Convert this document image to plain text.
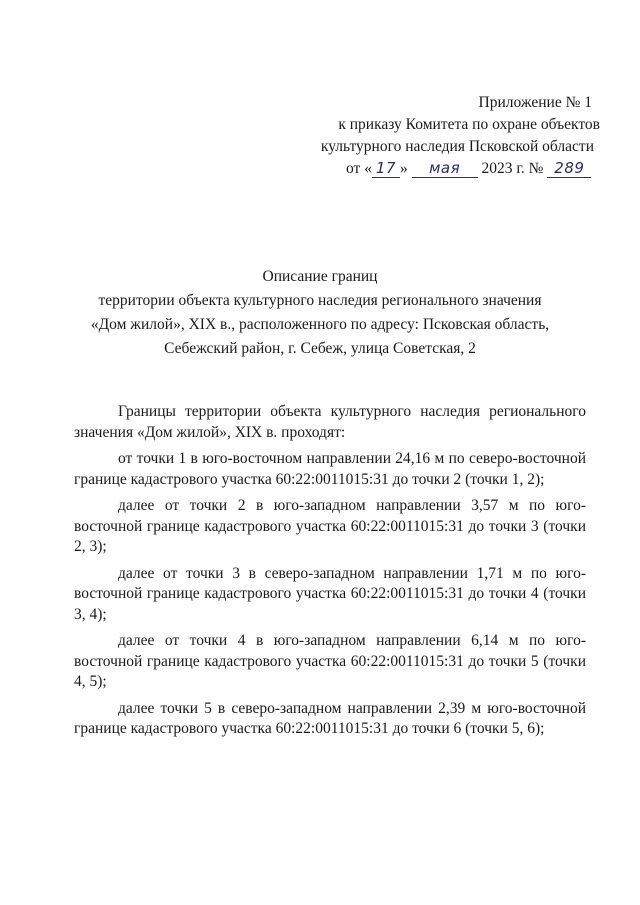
Приложение № 1
к приказу Комитета по охране объектов
культурного наследия Псковской области
от « 17 » мая 2023 г. № 289
Описание границ
территории объекта культурного наследия регионального значения
«Дом жилой», XIX в., расположенного по адресу: Псковская область,
Себежский район, г. Себеж, улица Советская, 2

Границы территории объекта культурного наследия регионального значения «Дом жилой», XIX в. проходят:

от точки 1 в юго-восточном направлении 24,16 м по северо-восточной границе кадастрового участка 60:22:0011015:31 до точки 2 (точки 1, 2);

далее от точки 2 в юго-западном направлении 3,57 м по юго-восточной границе кадастрового участка 60:22:0011015:31 до точки 3 (точки 2, 3);

далее от точки 3 в северо-западном направлении 1,71 м по юго-восточной границе кадастрового участка 60:22:0011015:31 до точки 4 (точки 3, 4);

далее от точки 4 в юго-западном направлении 6,14 м по юго-восточной границе кадастрового участка 60:22:0011015:31 до точки 5 (точки 4, 5);

далее точки 5 в северо-западном направлении 2,39 м юго-восточной границе кадастрового участка 60:22:0011015:31 до точки 6 (точки 5, 6);
